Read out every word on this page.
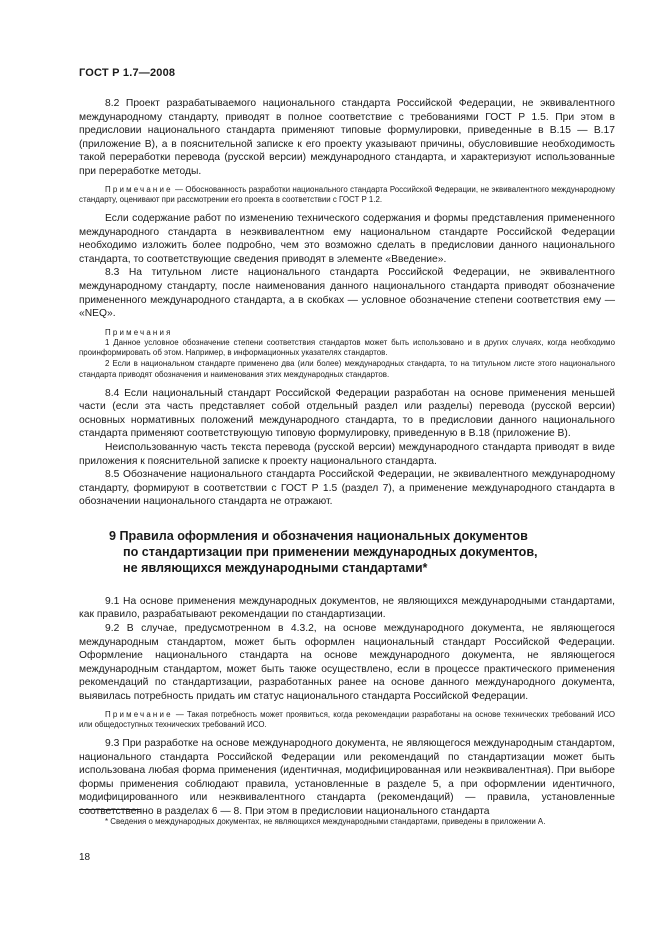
ГОСТ Р 1.7—2008

8.2 Проект разрабатываемого национального стандарта Российской Федерации, не эквивалентного международному стандарту, приводят в полное соответствие с требованиями ГОСТ Р 1.5. При этом в предисловии национального стандарта применяют типовые формулировки, приведенные в В.15 — В.17 (приложение В), а в пояснительной записке к его проекту указывают причины, обусловившие необходимость такой переработки перевода (русской версии) международного стандарта, и характеризуют использованные при переработке методы.

Примечание — Обоснованность разработки национального стандарта Российской Федерации, не эквивалентного международному стандарту, оценивают при рассмотрении его проекта в соответствии с ГОСТ Р 1.2.

Если содержание работ по изменению технического содержания и формы представления примененного международного стандарта в неэквивалентном ему национальном стандарте Российской Федерации необходимо изложить более подробно, чем это возможно сделать в предисловии данного национального стандарта, то соответствующие сведения приводят в элементе «Введение».

8.3 На титульном листе национального стандарта Российской Федерации, не эквивалентного международному стандарту, после наименования данного национального стандарта приводят обозначение примененного международного стандарта, а в скобках — условное обозначение степени соответствия ему — «NEQ».

Примечания

1 Данное условное обозначение степени соответствия стандартов может быть использовано и в других случаях, когда необходимо проинформировать об этом. Например, в информационных указателях стандартов.

2 Если в национальном стандарте применено два (или более) международных стандарта, то на титульном листе этого национального стандарта приводят обозначения и наименования этих международных стандартов.

8.4 Если национальный стандарт Российской Федерации разработан на основе применения меньшей части (если эта часть представляет собой отдельный раздел или разделы) перевода (русской версии) основных нормативных положений международного стандарта, то в предисловии данного национального стандарта применяют соответствующую типовую формулировку, приведенную в В.18 (приложение В).

Неиспользованную часть текста перевода (русской версии) международного стандарта приводят в виде приложения к пояснительной записке к проекту национального стандарта.

8.5 Обозначение национального стандарта Российской Федерации, не эквивалентного международному стандарту, формируют в соответствии с ГОСТ Р 1.5 (раздел 7), а применение международного стандарта в обозначении национального стандарта не отражают.

9 Правила оформления и обозначения национальных документов
по стандартизации при применении международных документов,
не являющихся международными стандартами*

9.1 На основе применения международных документов, не являющихся международными стандартами, как правило, разрабатывают рекомендации по стандартизации.

9.2 В случае, предусмотренном в 4.3.2, на основе международного документа, не являющегося международным стандартом, может быть оформлен национальный стандарт Российской Федерации. Оформление национального стандарта на основе международного документа, не являющегося международным стандартом, может быть также осуществлено, если в процессе практического применения рекомендаций по стандартизации, разработанных ранее на основе данного международного документа, выявилась потребность придать им статус национального стандарта Российской Федерации.

Примечание — Такая потребность может проявиться, когда рекомендации разработаны на основе технических требований ИСО или общедоступных технических требований ИСО.

9.3 При разработке на основе международного документа, не являющегося международным стандартом, национального стандарта Российской Федерации или рекомендаций по стандартизации может быть использована любая форма применения (идентичная, модифицированная или неэквивалентная). При выборе формы применения соблюдают правила, установленные в разделе 5, а при оформлении идентичного, модифицированного или неэквивалентного стандарта (рекомендаций) — правила, установленные соответственно в разделах 6 — 8. При этом в предисловии национального стандарта

* Сведения о международных документах, не являющихся международными стандартами, приведены в приложении А.

18
